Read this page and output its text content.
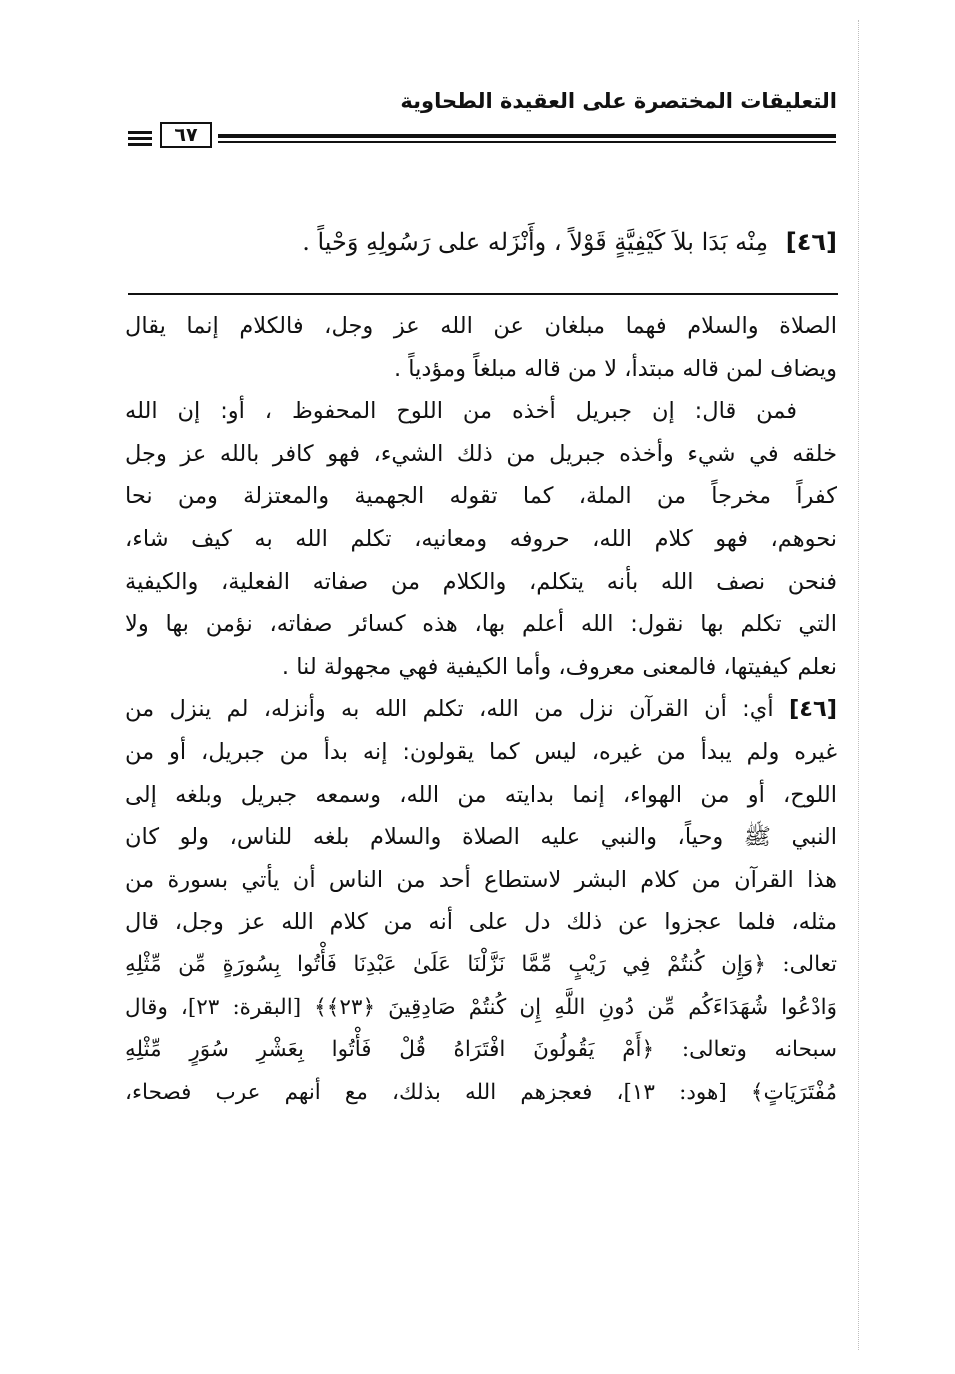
التعليقات المختصرة على العقيدة الطحاوية
٦٧
[٤٦] مِنْه بَدَا بلاَ كَيْفِيَّةٍ قَوْلاً ، وأَنْزَله على رَسُولِهِ وَحْياً .
الصلاة والسلام فهما مبلغان عن الله عز وجل، فالكلام إنما يقال
ويضاف لمن قاله مبتدأ، لا من قاله مبلغاً ومؤدياً .
فمن قال: إن جبريل أخذه من اللوح المحفوظ ، أو: إن الله
خلقه في شيء وأخذه جبريل من ذلك الشيء، فهو كافر بالله عز وجل
كفراً مخرجاً من الملة، كما تقوله الجهمية والمعتزلة ومن نحا
نحوهم، فهو كلام الله، حروفه ومعانيه، تكلم الله به كيف شاء،
فنحن نصف الله بأنه يتكلم، والكلام من صفاته الفعلية، والكيفية
التي تكلم بها نقول: الله أعلم بها، هذه كسائر صفاته، نؤمن بها ولا
نعلم كيفيتها، فالمعنى معروف، وأما الكيفية فهي مجهولة لنا .
[٤٦] أي: أن القرآن نزل من الله، تكلم الله به وأنزله، لم ينزل من
غيره ولم يبدأ من غيره، ليس كما يقولون: إنه بدأ من جبريل، أو من
اللوح، أو من الهواء، إنما بدايته من الله، وسمعه جبريل وبلغه إلى
النبي ﷺ وحياً، والنبي عليه الصلاة والسلام بلغه للناس، ولو كان
هذا القرآن من كلام البشر لاستطاع أحد من الناس أن يأتي بسورة من
مثله، فلما عجزوا عن ذلك دل على أنه من كلام الله عز وجل، قال
تعالى: ﴿وَإِن كُنتُمْ فِي رَيْبٍ مِّمَّا نَزَّلْنَا عَلَىٰ عَبْدِنَا فَأْتُوا بِسُورَةٍ مِّن مِّثْلِهِ
وَادْعُوا شُهَدَاءَكُم مِّن دُونِ اللَّهِ إِن كُنتُمْ صَادِقِينَ ﴿٢٣﴾﴾ [البقرة: ٢٣]، وقال
سبحانه وتعالى: ﴿أَمْ يَقُولُونَ افْتَرَاهُ قُلْ فَأْتُوا بِعَشْرِ سُوَرٍ مِّثْلِهِ
مُفْتَرَيَاتٍ﴾ [هود: ١٣]، فعجزهم الله بذلك، مع أنهم عرب فصحاء،
